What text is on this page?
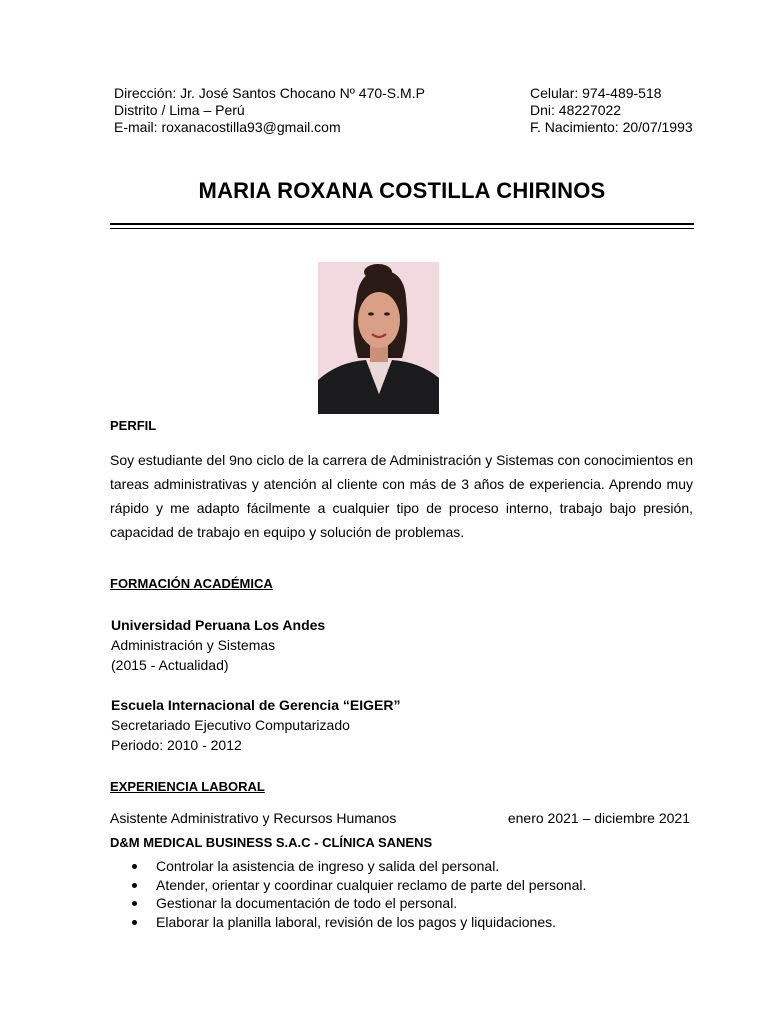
Dirección: Jr. José Santos Chocano Nº 470-S.M.P
Distrito / Lima – Perú
E-mail: roxanacostilla93@gmail.com
Celular: 974-489-518
Dni: 48227022
F. Nacimiento: 20/07/1993
MARIA ROXANA COSTILLA CHIRINOS
PERFIL
Soy estudiante del 9no ciclo de la carrera de Administración y Sistemas con conocimientos en tareas administrativas y atención al cliente con más de 3 años de experiencia. Aprendo muy rápido y me adapto fácilmente a cualquier tipo de proceso interno, trabajo bajo presión, capacidad de trabajo en equipo y solución de problemas.
FORMACIÓN ACADÉMICA
Universidad Peruana Los Andes
Administración y Sistemas
(2015 - Actualidad)
Escuela Internacional de Gerencia “EIGER”
Secretariado Ejecutivo Computarizado
Periodo: 2010 - 2012
EXPERIENCIA LABORAL
Asistente Administrativo y Recursos Humanos	enero 2021 – diciembre 2021
D&M MEDICAL BUSINESS S.A.C - CLÍNICA SANENS
Controlar la asistencia de ingreso y salida del personal.
Atender, orientar y coordinar cualquier reclamo de parte del personal.
Gestionar la documentación de todo el personal.
Elaborar la planilla laboral, revisión de los pagos y liquidaciones.
